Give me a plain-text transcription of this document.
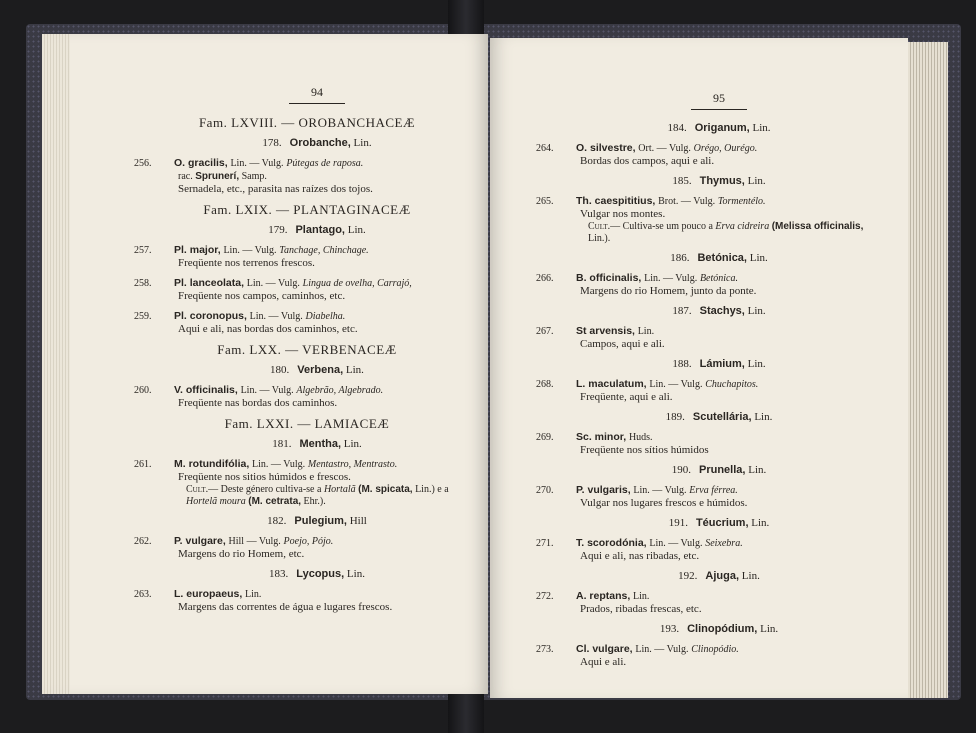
94
Fam. LXVIII. — OROBANCHACEÆ
178. Orobanche, Lin.
256. O. gracilis, Lin. — Vulg. Pútegas de raposa.
rac. Sprunerí, Samp.
Sernadela, etc., parasita nas raízes dos tojos.
Fam. LXIX. — PLANTAGINACEÆ
179. Plantago, Lin.
257. Pl. major, Lin. — Vulg. Tanchage, Chinchage.
Freqüente nos terrenos frescos.
258. Pl. lanceolata, Lin. — Vulg. Lingua de ovelha, Carrajó,
Freqüente nos campos, caminhos, etc.
259. Pl. coronopus, Lin. — Vulg. Diabelha.
Aqui e ali, nas bordas dos caminhos, etc.
Fam. LXX. — VERBENACEÆ
180. Verbena, Lin.
260. V. officinalis, Lin. — Vulg. Algebrão, Algebrado.
Freqüente nas bordas dos caminhos.
Fam. LXXI. — LAMIACEÆ
181. Mentha, Lin.
261. M. rotundifólia, Lin. — Vulg. Mentastro, Mentrasto.
Freqüente nos sitios húmidos e frescos.
Cult.— Deste género cultiva-se a Hortalã (M. spicata, Lin.) e a Hortelã moura (M. cetrata, Ehr.).
182. Pulegium, Hill
262. P. vulgare, Hill — Vulg. Poejo, Pójo.
Margens do rio Homem, etc.
183. Lycopus, Lin.
263. L. europaeus, Lin.
Margens das correntes de água e lugares frescos.
95
184. Origanum, Lin.
264. O. silvestre, Ort. — Vulg. Orégo, Ourégo.
Bordas dos campos, aqui e ali.
185. Thymus, Lin.
265. Th. caespititius, Brot. — Vulg. Tormentélo.
Vulgar nos montes.
Cult.— Cultiva-se um pouco a Erva cidreira (Melissa officinalis, Lin.).
186. Betónica, Lin.
266. B. officinalis, Lin. — Vulg. Betónica.
Margens do rio Homem, junto da ponte.
187. Stachys, Lin.
267. St arvensis, Lin.
Campos, aqui e ali.
188. Lámium, Lin.
268. L. maculatum, Lin. — Vulg. Chuchapitos.
Freqüente, aqui e ali.
189. Scutellária, Lin.
269. Sc. minor, Huds.
Freqüente nos sítios húmidos
190. Prunella, Lin.
270. P. vulgaris, Lin. — Vulg. Erva férrea.
Vulgar nos lugares frescos e húmidos.
191. Téucrium, Lin.
271. T. scorodónia, Lin. — Vulg. Seixebra.
Aqui e ali, nas ribadas, etc.
192. Ajuga, Lin.
272. A. reptans, Lin.
Prados, ribadas frescas, etc.
193. Clinopódium, Lin.
273. Cl. vulgare, Lin. — Vulg. Clinopódio.
Aqui e ali.
